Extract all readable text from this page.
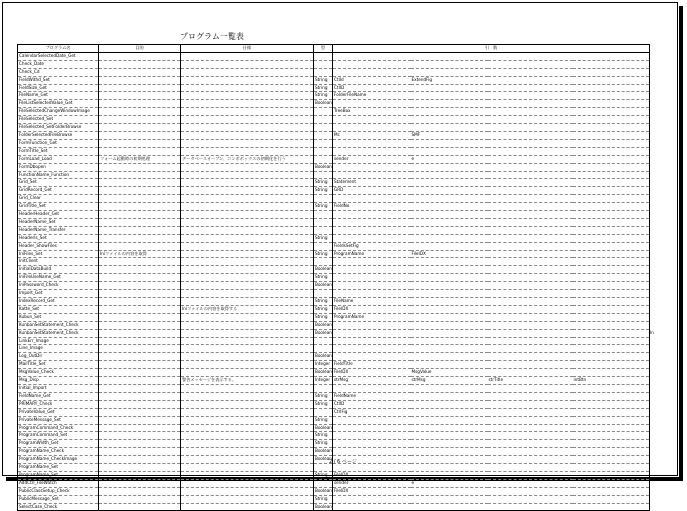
プログラム一覧表
プログラム名	目的	仕様	型	引　数			
CalendarSelectedDate_Get							
Check_Date							
Check_Cd							
FieldWithd_Set			String	CtlId	ExtendFig		
FieldSize_Get			String	CtlID			
FileName_Get			String	FolderFileName			
FileListSelectedValue_Get			Boolean				
FileSelectedChangeWindowImage				TreeBox			
FileSelected_Set							
FileSelected_SetFolderBrowse							
FolderSelectedFileBrowse				Mc	SMF		
FormFunction_Get							
FormTitle_Set							
FormLoad_Load	フォーム起動時の初期処理	データベースオープン、コンボボックスの初期化を行う		sender	e		
FormDbopen			Boolean				
FunctionName_Function							
Grid_Set			String	Statement			
GridRecord_Get			String	GRD			
Grid_Clear							
GridTitle_Set			String	FieldNo			
HeaderHeader_Get							
HeaderName_Set							
HeaderName_Transfer							
HeaderIs_Set			String				
Header_ShowFiles				FieldsSetFig			
IniFiles_Set	Iniファイルの内容を取得		String	ProgramName	FileIDX		
InitClient							
InitialDataBuild			Boolean				
IniFileUseName_Get			String				
IniPassword_Check			Boolean				
Import_Get							
IndexRecord_Get			String	FileName			
Katte_Set		Iniファイルの内容を取得する	String	FileIDX			
Kubun_Set			String	ProgramName			
KunbanSetStatement_Check			Boolean				
KunbanSetStatement_Check			Boolean				
LinkErr_Image							
Line_Image							
Log_OutDir			Boolean				
MailTitle_Set			Integer	FieldTitle			
MsgValue_Check			Boolean	FileIDX	MsgValue		
Msg_Disp		警告メッセージを表示する。	Integer	strMsg	strMsg	strTitle	intBtn
Initial_Import							
FieldName_Get			String	FieldName			
PRIMARY_Check			String	CtlID			
PrivateValue_Get				CtrlFig			
PrivateMessage_Set			String				
ProgramCommand_Check			Boolean				
ProgramCommand_Set			String				
ProgramWidth_Get			String				
ProgramName_Check			Boolean				
ProgramName_CheckImage			Boolean				
ProgramName_Set							
ProgramName_Set			String	FileIDX			
AddCtrl_FileWatch				sender	e		
PublicClassSetup_Check			Boolean	FileIDX			
PublicMessage_Set			String				
SelectCase_Check			Boolean				
In
2 / 6 ページ
